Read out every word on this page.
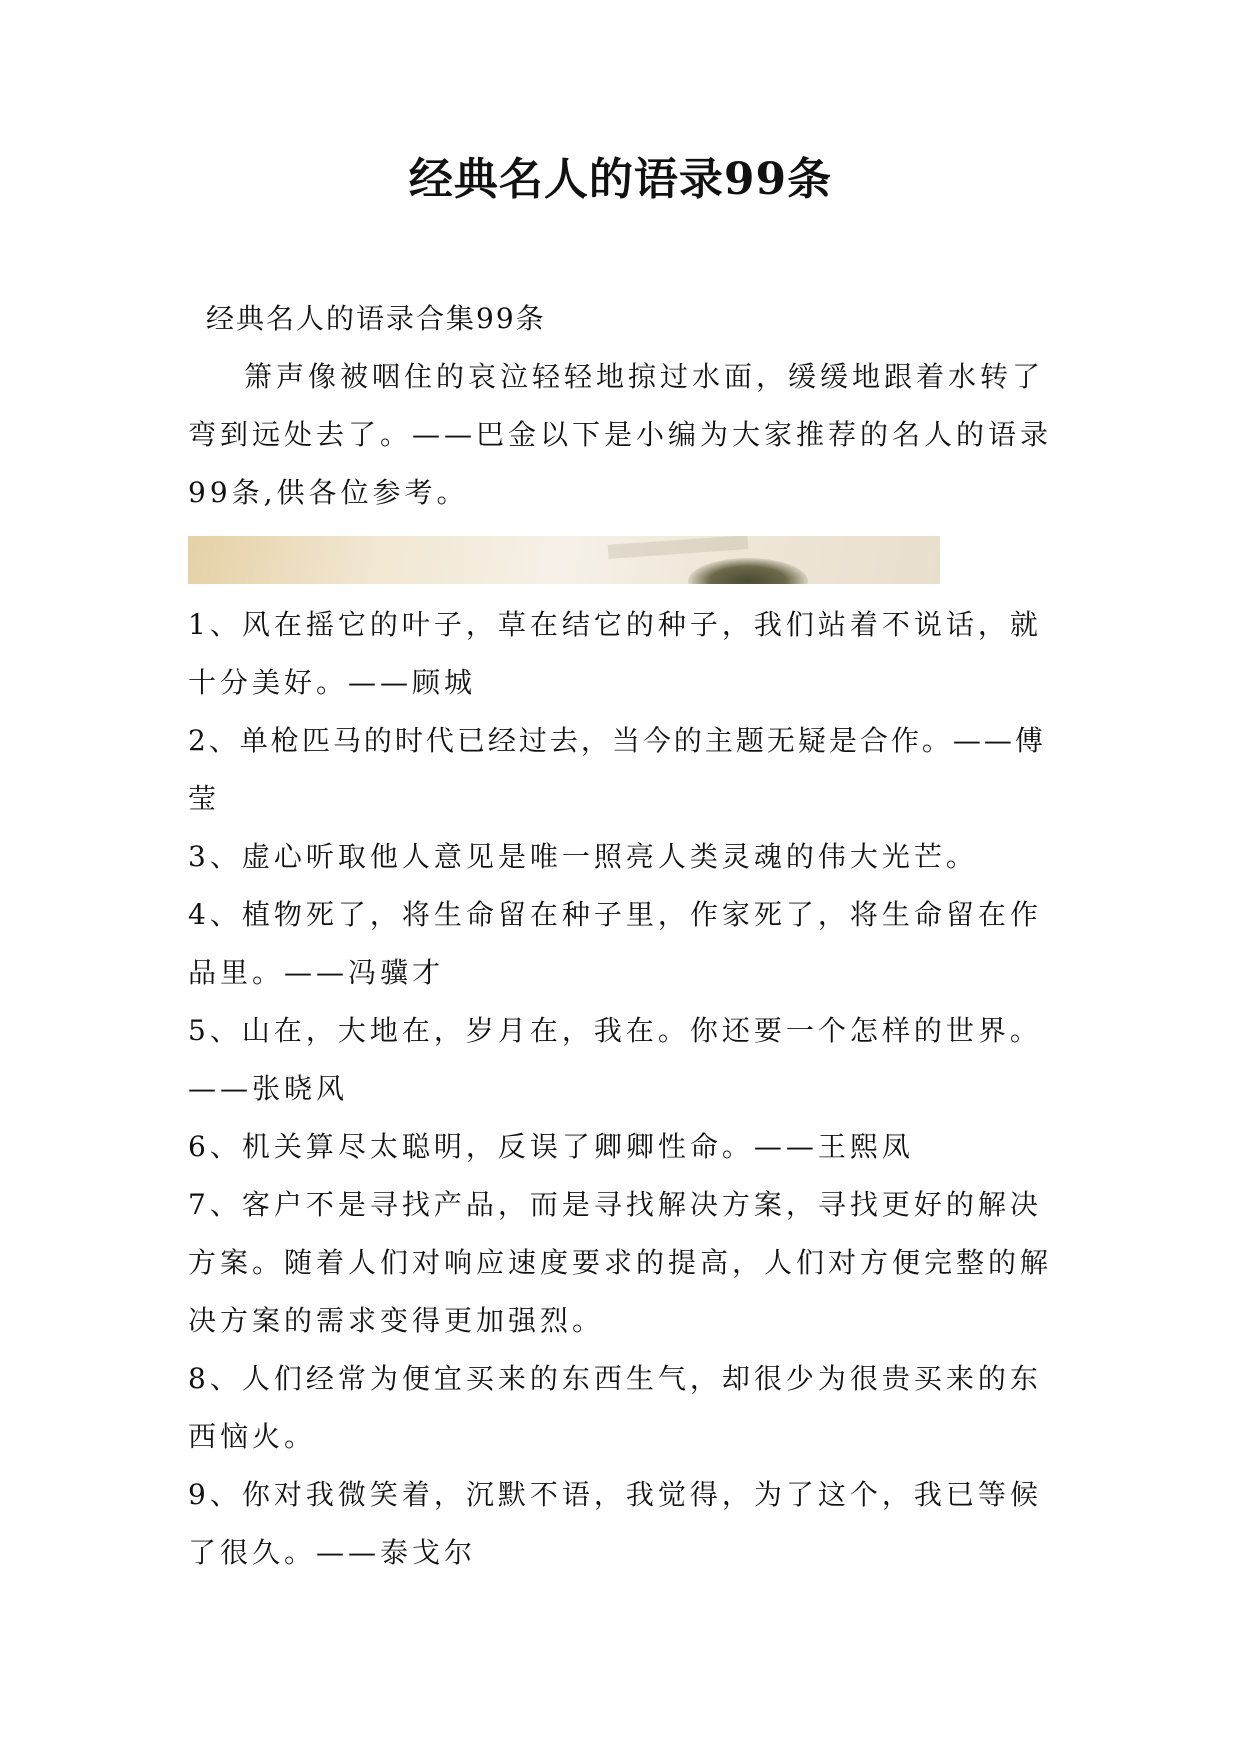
经典名人的语录99条

经典名人的语录合集99条

箫声像被咽住的哀泣轻轻地掠过水面，缓缓地跟着水转了弯到远处去了。——巴金以下是小编为大家推荐的名人的语录99条,供各位参考。

1、风在摇它的叶子，草在结它的种子，我们站着不说话，就十分美好。——顾城

2、单枪匹马的时代已经过去，当今的主题无疑是合作。——傅莹

3、虚心听取他人意见是唯一照亮人类灵魂的伟大光芒。

4、植物死了，将生命留在种子里，作家死了，将生命留在作品里。——冯骥才

5、山在，大地在，岁月在，我在。你还要一个怎样的世界。——张晓风

6、机关算尽太聪明，反误了卿卿性命。——王熙凤

7、客户不是寻找产品，而是寻找解决方案，寻找更好的解决方案。随着人们对响应速度要求的提高，人们对方便完整的解决方案的需求变得更加强烈。

8、人们经常为便宜买来的东西生气，却很少为很贵买来的东西恼火。

9、你对我微笑着，沉默不语，我觉得，为了这个，我已等候了很久。——泰戈尔
